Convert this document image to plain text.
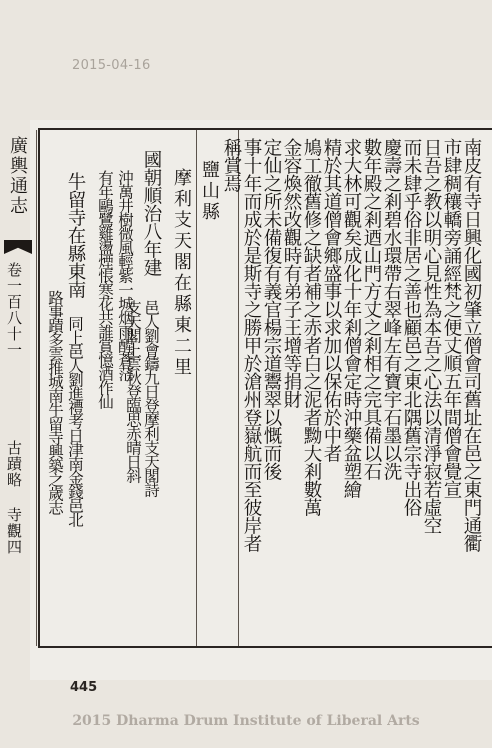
2015-04-16
廣輿通志
卷一百八十一
古蹟略 寺觀四	南皮有寺日興化國初肇立僧會司舊址在邑之東門通衢
市肆稠穰轎旁誦經梵之便丈順五年間僧會覺宣
日吾之教以明心見性為本吾之心法以清淨寂若虛空
而未肆乎俗非居之善也顧邑之東北隅舊宗寺出俗
慶壽之剎碧水環帶右翠峰左有寶宇石墨以洗
數年殿之剎迺山門方丈之剎相之完具備以石
求大林可觀矣成化十年剎僧會定時沖藥盆塑繪
精於其道僧會鄉盛事以求加以保佑於中者
鳩工徹舊修之缺者補之赤者白之泥者黝大剎數萬
金容煥然改觀時有弟子王增等捐財
定仙之所未備復有義官楊宗道鬻翠以慨而後
事十年而成於是斯寺之勝甲於滄州登嶽航而至彼岸者
稱賞焉
鹽山縣
摩利支天閣在縣東二里
國朝順治八年建
邑人劉會鑄九日登摩利支天閣詩
支天閣上雲秋登臨思赤晴日斜
沖萬井樹微風輕紫一城烟雨醒蒼茫
有年鷗鷺雞盪煙悵寒花共誰賞憶酒作仙
牛留寺在縣東南
同上邑人劉進禮考日津南金錢邑北
路事蹟多雲推城南牛留寺興築之歲志
445
2015 Dharma Drum Institute of Liberal Arts
